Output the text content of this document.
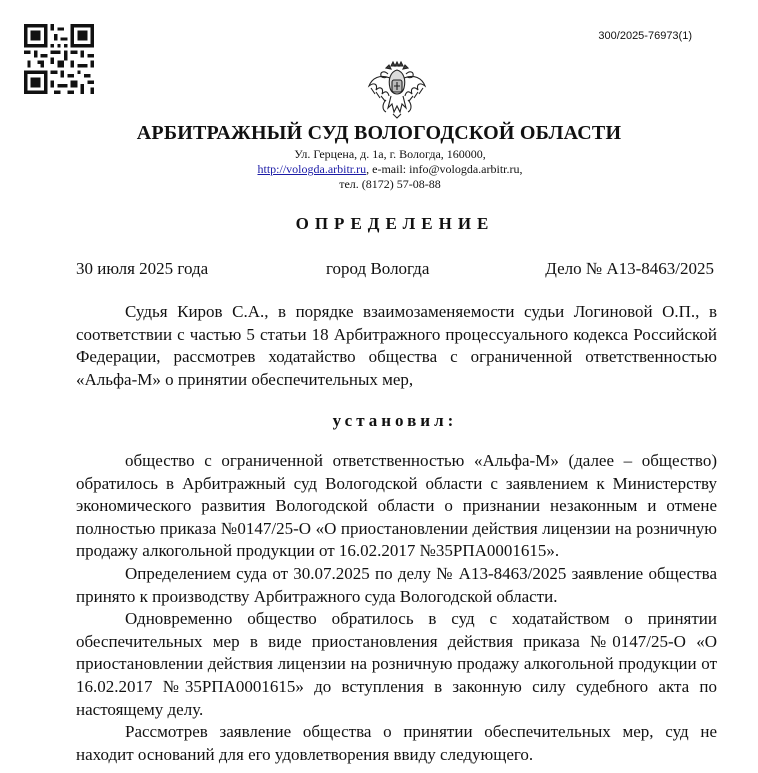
300/2025-76973(1)
АРБИТРАЖНЫЙ СУД ВОЛОГОДСКОЙ ОБЛАСТИ
Ул. Герцена, д. 1а, г. Вологда, 160000,
http://vologda.arbitr.ru, e-mail: info@vologda.arbitr.ru,
тел. (8172) 57-08-88
ОПРЕДЕЛЕНИЕ
30 июля 2025 года	город Вологда	Дело № А13-8463/2025

Судья Киров С.А., в порядке взаимозаменяемости судьи Логиновой О.П., в соответствии с частью 5 статьи 18 Арбитражного процессуального кодекса Российской Федерации, рассмотрев ходатайство общества с ограниченной ответственностью «Альфа-М» о принятии обеспечительных мер,

установил:

общество с ограниченной ответственностью «Альфа-М» (далее – общество) обратилось в Арбитражный суд Вологодской области с заявлением к Министерству экономического развития Вологодской области о признании незаконным и отмене полностью приказа №0147/25-О «О приостановлении действия лицензии на розничную продажу алкогольной продукции от 16.02.2017 №35РПА0001615».

Определением суда от 30.07.2025 по делу № А13-8463/2025 заявление общества принято к производству Арбитражного суда Вологодской области.

Одновременно общество обратилось в суд с ходатайством о принятии обеспечительных мер в виде приостановления действия приказа №0147/25-О «О приостановлении действия лицензии на розничную продажу алкогольной продукции от 16.02.2017 №35РПА0001615» до вступления в законную силу судебного акта по настоящему делу.

Рассмотрев заявление общества о принятии обеспечительных мер, суд не находит оснований для его удовлетворения ввиду следующего.
